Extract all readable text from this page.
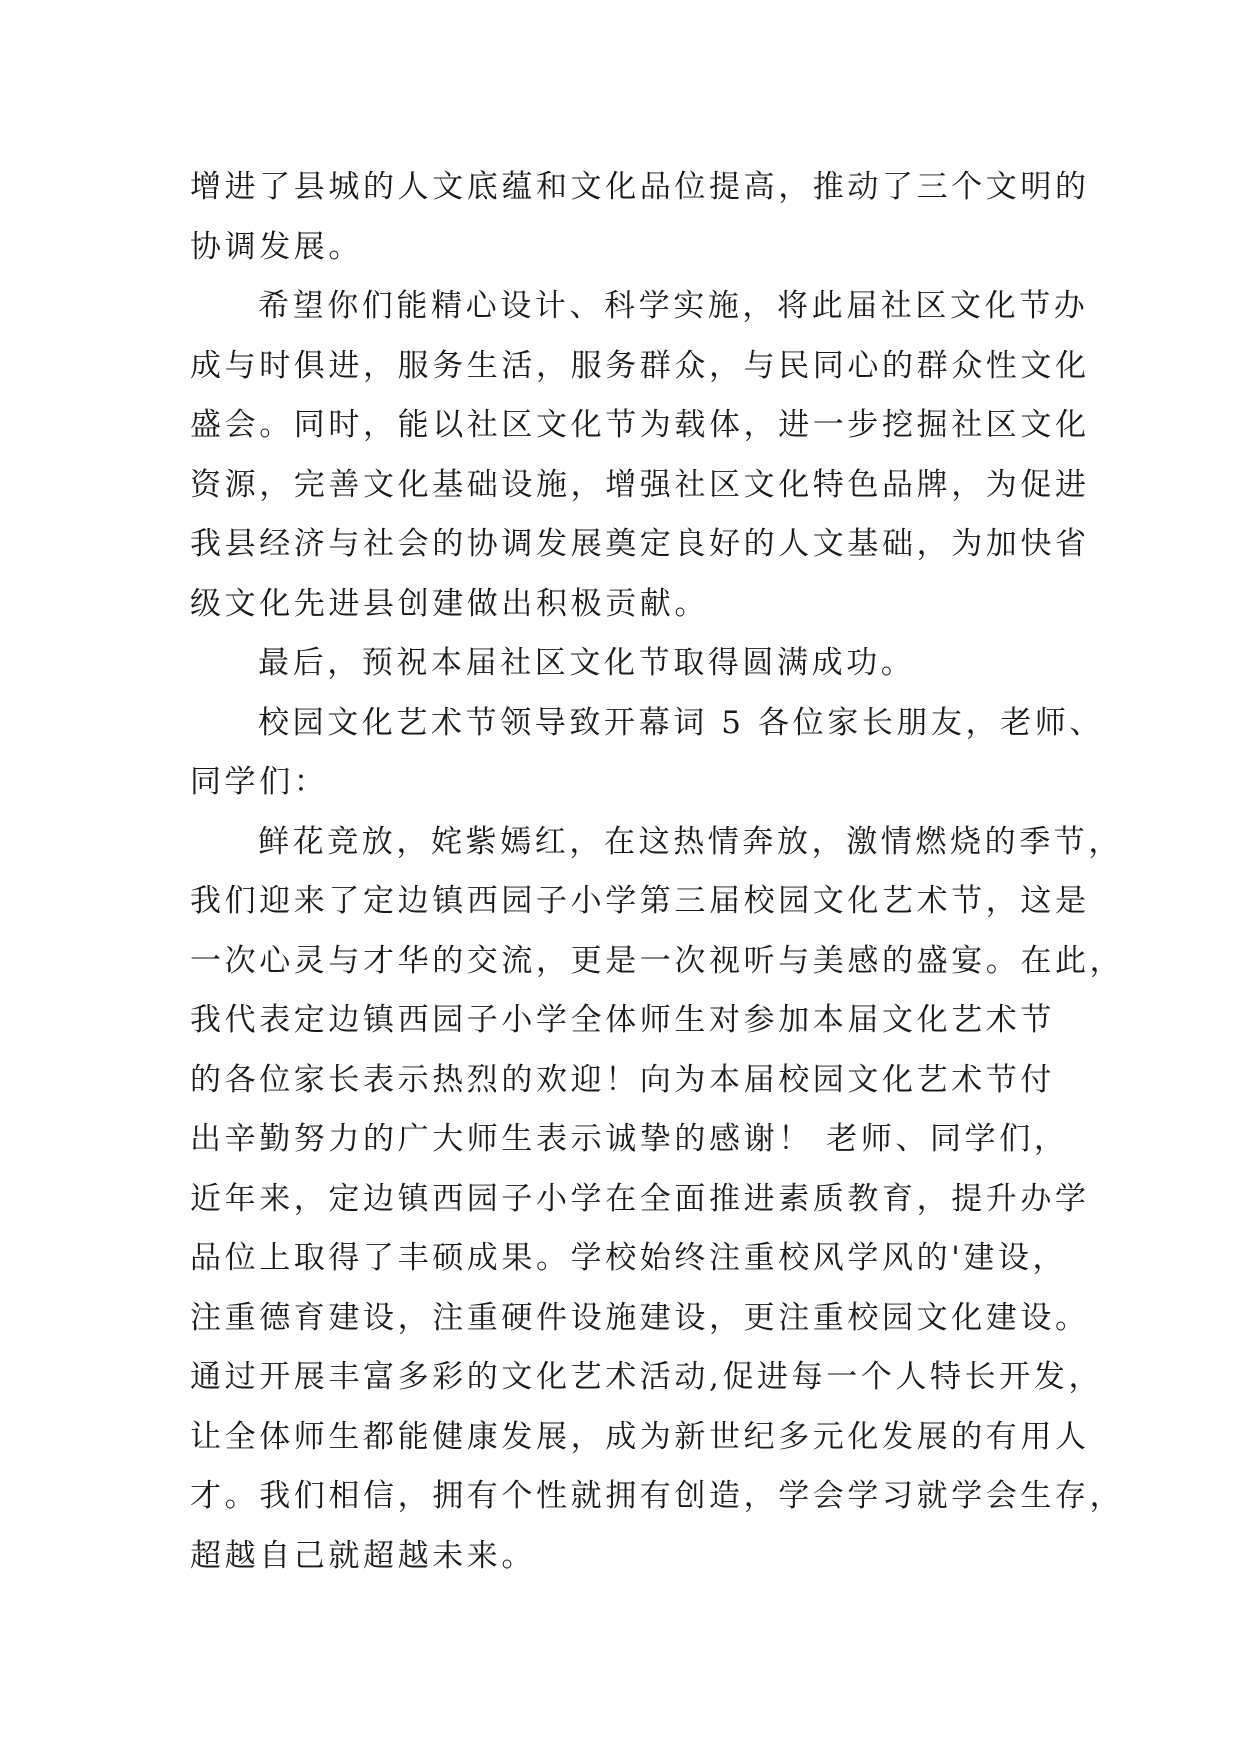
增进了县城的人文底蕴和文化品位提高，推动了三个文明的
协调发展。
希望你们能精心设计、科学实施，将此届社区文化节办
成与时俱进，服务生活，服务群众，与民同心的群众性文化
盛会。同时，能以社区文化节为载体，进一步挖掘社区文化
资源，完善文化基础设施，增强社区文化特色品牌，为促进
我县经济与社会的协调发展奠定良好的人文基础，为加快省
级文化先进县创建做出积极贡献。
最后，预祝本届社区文化节取得圆满成功。
校园文化艺术节领导致开幕词 5 各位家长朋友，老师、
同学们：
鲜花竞放，姹紫嫣红，在这热情奔放，激情燃烧的季节，
我们迎来了定边镇西园子小学第三届校园文化艺术节，这是
一次心灵与才华的交流，更是一次视听与美感的盛宴。在此，
我代表定边镇西园子小学全体师生对参加本届文化艺术节
的各位家长表示热烈的欢迎！向为本届校园文化艺术节付
出辛勤努力的广大师生表示诚挚的感谢！ 老师、同学们，
近年来，定边镇西园子小学在全面推进素质教育，提升办学
品位上取得了丰硕成果。学校始终注重校风学风的'建设，
注重德育建设，注重硬件设施建设，更注重校园文化建设。
通过开展丰富多彩的文化艺术活动,促进每一个人特长开发，
让全体师生都能健康发展，成为新世纪多元化发展的有用人
才。我们相信，拥有个性就拥有创造，学会学习就学会生存，
超越自己就超越未来。
